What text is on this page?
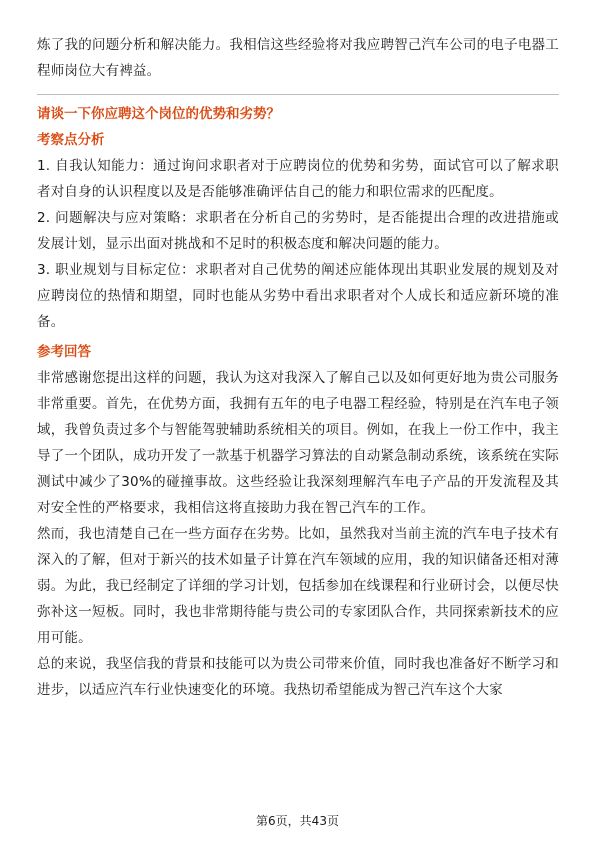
炼了我的问题分析和解决能力。我相信这些经验将对我应聘智己汽车公司的电子电器工程师岗位大有裨益。

请谈一下你应聘这个岗位的优势和劣势？
考察点分析

1. 自我认知能力：通过询问求职者对于应聘岗位的优势和劣势，面试官可以了解求职者对自身的认识程度以及是否能够准确评估自己的能力和职位需求的匹配度。

2. 问题解决与应对策略：求职者在分析自己的劣势时，是否能提出合理的改进措施或发展计划，显示出面对挑战和不足时的积极态度和解决问题的能力。

3. 职业规划与目标定位：求职者对自己优势的阐述应能体现出其职业发展的规划及对应聘岗位的热情和期望，同时也能从劣势中看出求职者对个人成长和适应新环境的准备。

参考回答

非常感谢您提出这样的问题，我认为这对我深入了解自己以及如何更好地为贵公司服务非常重要。首先，在优势方面，我拥有五年的电子电器工程经验，特别是在汽车电子领域，我曾负责过多个与智能驾驶辅助系统相关的项目。例如，在我上一份工作中，我主导了一个团队，成功开发了一款基于机器学习算法的自动紧急制动系统，该系统在实际测试中减少了30%的碰撞事故。这些经验让我深刻理解汽车电子产品的开发流程及其对安全性的严格要求，我相信这将直接助力我在智己汽车的工作。

然而，我也清楚自己在一些方面存在劣势。比如，虽然我对当前主流的汽车电子技术有深入的了解，但对于新兴的技术如量子计算在汽车领域的应用，我的知识储备还相对薄弱。为此，我已经制定了详细的学习计划，包括参加在线课程和行业研讨会，以便尽快弥补这一短板。同时，我也非常期待能与贵公司的专家团队合作，共同探索新技术的应用可能。

总的来说，我坚信我的背景和技能可以为贵公司带来价值，同时我也准备好不断学习和进步，以适应汽车行业快速变化的环境。我热切希望能成为智己汽车这个大家

第6页，共43页
